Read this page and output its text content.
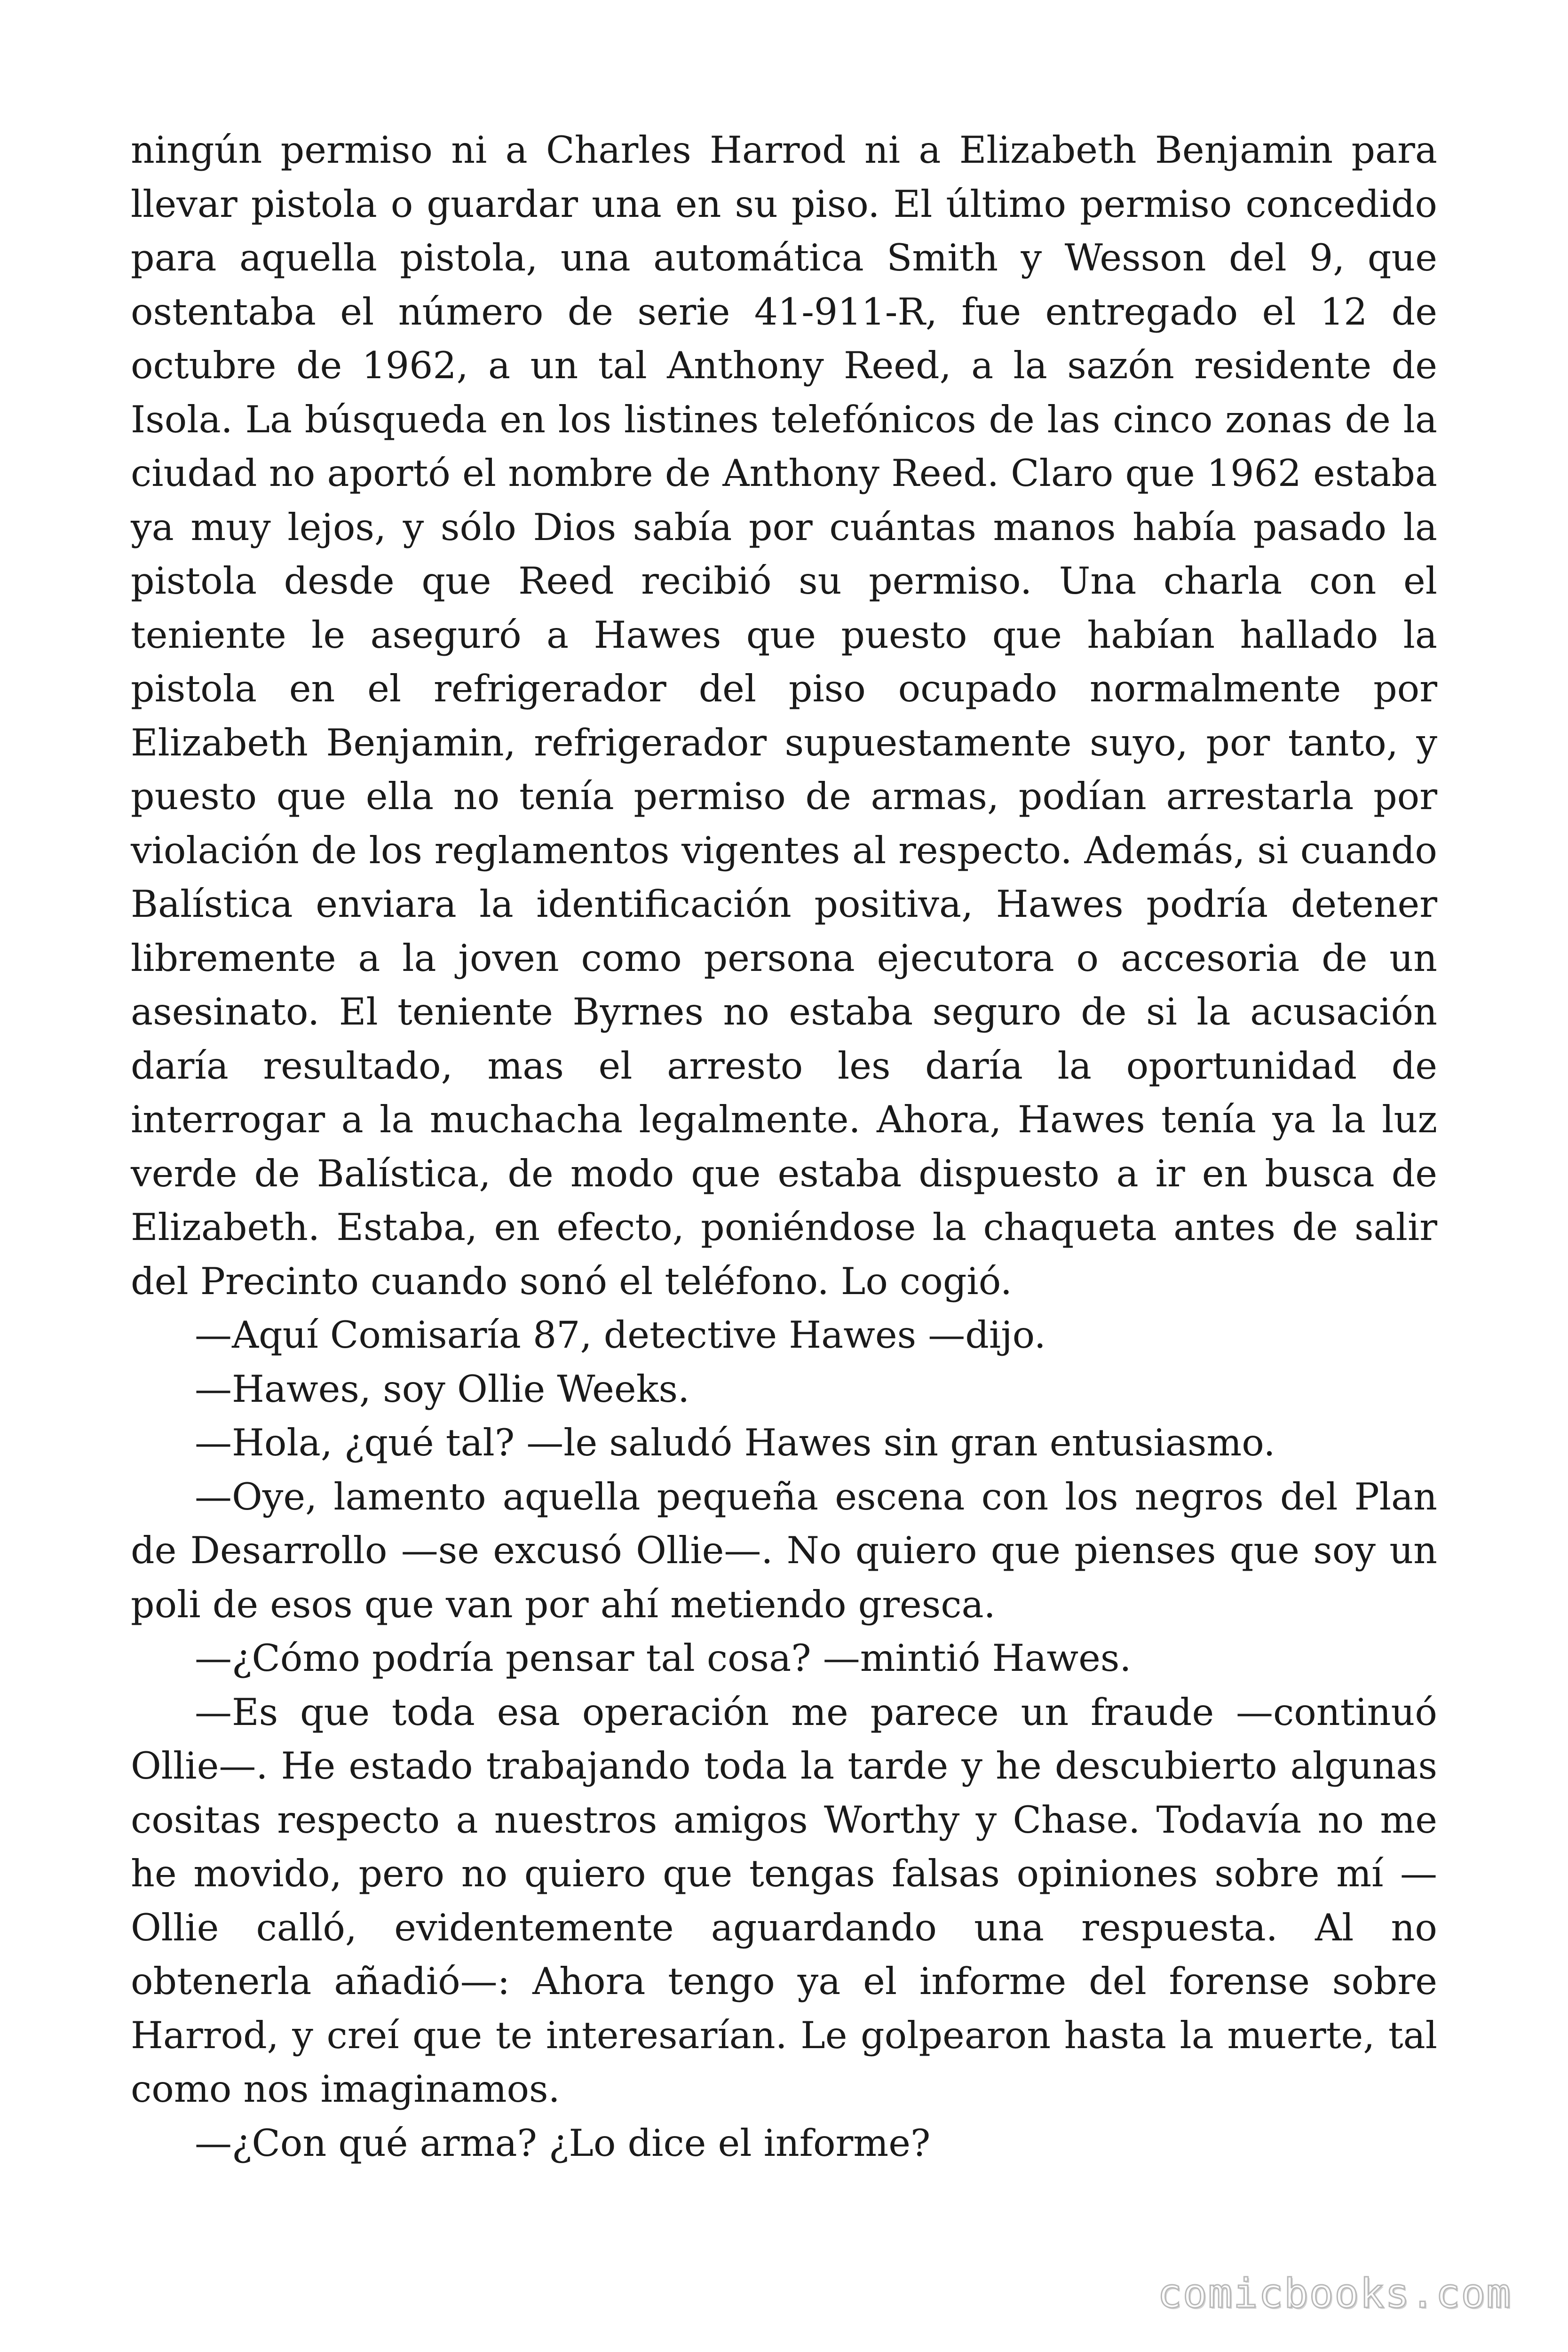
ningún permiso ni a Charles Harrod ni a Elizabeth Benjamin para llevar pistola o guardar una en su piso. El último permiso concedido para aquella pistola, una automática Smith y Wesson del 9, que ostentaba el número de serie 41-911-R, fue entregado el 12 de octubre de 1962, a un tal Anthony Reed, a la sazón residente de Isola. La búsqueda en los listines telefónicos de las cinco zonas de la ciudad no aportó el nombre de Anthony Reed. Claro que 1962 estaba ya muy lejos, y sólo Dios sabía por cuántas manos había pasado la pistola desde que Reed recibió su permiso. Una charla con el teniente le aseguró a Hawes que puesto que habían hallado la pistola en el refrigerador del piso ocupado normalmente por Elizabeth Benjamin, refrigerador supuestamente suyo, por tanto, y puesto que ella no tenía permiso de armas, podían arrestarla por violación de los reglamentos vigentes al respecto. Además, si cuando Balística enviara la identificación positiva, Hawes podría detener libremente a la joven como persona ejecutora o accesoria de un asesinato. El teniente Byrnes no estaba seguro de si la acusación daría resultado, mas el arresto les daría la oportunidad de interrogar a la muchacha legalmente. Ahora, Hawes tenía ya la luz verde de Balística, de modo que estaba dispuesto a ir en busca de Elizabeth. Estaba, en efecto, poniéndose la chaqueta antes de salir del Precinto cuando sonó el teléfono. Lo cogió.

—Aquí Comisaría 87, detective Hawes —dijo.

—Hawes, soy Ollie Weeks.

—Hola, ¿qué tal? —le saludó Hawes sin gran entusiasmo.

—Oye, lamento aquella pequeña escena con los negros del Plan de Desarrollo —se excusó Ollie—. No quiero que pienses que soy un poli de esos que van por ahí metiendo gresca.

—¿Cómo podría pensar tal cosa? —mintió Hawes.

—Es que toda esa operación me parece un fraude —continuó Ollie—. He estado trabajando toda la tarde y he descubierto algunas cositas respecto a nuestros amigos Worthy y Chase. Todavía no me he movido, pero no quiero que tengas falsas opiniones sobre mí —Ollie calló, evidentemente aguardando una respuesta. Al no obtenerla añadió—: Ahora tengo ya el informe del forense sobre Harrod, y creí que te interesarían. Le golpearon hasta la muerte, tal como nos imaginamos.

—¿Con qué arma? ¿Lo dice el informe?

comicbooks.com
